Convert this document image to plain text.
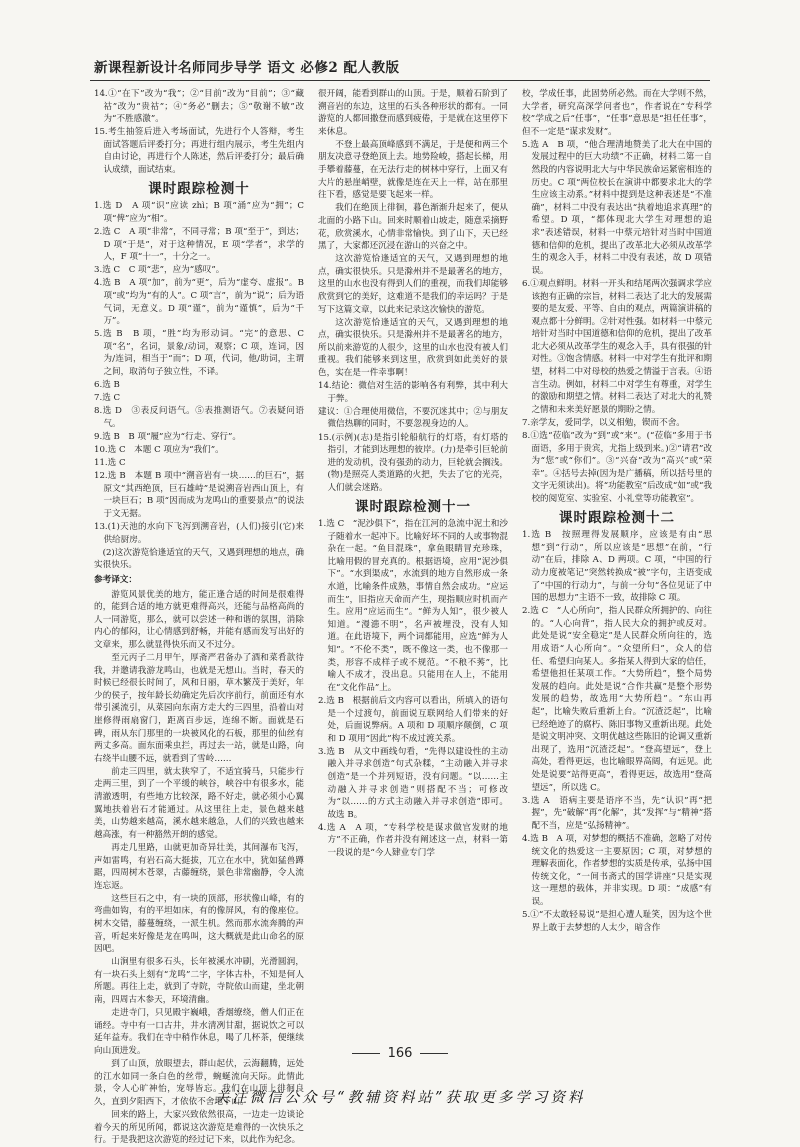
新课程新设计名师同步导学 语文 必修2 配人教版

14.①“在下”改为“我”；②“目前”改为“目前”；③“藏祜”改为“贵祜”；④“务必”删去；⑤“敬谢不敏”改为“不胜感激”。

15.考生抽签后进入考场面试，先进行个人答辩，考生面试答题后评委打分；再进行组内展示，考生先组内自由讨论，再进行个人陈述，然后评委打分；最后确认成绩，面试结束。

课时跟踪检测十

1.选 D　A 项“识”应读 zhì；B 项“涌”应为“拥”；C 项“俾”应为“相”。

2.选 C　A 项“非常”，不同寻常；B 项“至于”，到达；D 项“于是”，对于这种情况，E 项“学者”，求学的人，F 项“十一”，十分之一。

3.选 C　C 项“悲”，应为“感叹”。

4.选 B　A 项“加”，前为“更”，后为“虚夸、虚报”。B 项“或”均为“有的人”。C 项“言”，前为“说”；后为语气词，无意义。D 项“谨”，前为“谨慎”，后为“千万”。

5.选 B　B 项，“胜”均为形动词。“完”的意思、C 项“名”，名词，景象/动词，观察；C 项，连词，因为/连词，相当于“而”；D 项，代词，他/助词，主谓之间，取消句子独立性，不译。

6.选 B

7.选 C

8.选 D　③表反问语气。⑤表推测语气。⑦表疑问语气。

9.选 B　B 项“履”应为“行走、穿行”。

10.选 C　本题 C 项应为“我们”。

11.选 C

12.选 B　本题 B 项中“溯音岩有一块……的巨石”，据原文“其西绝顶，巨石雄峙”是说溯音岩西山顶上，有一块巨石；B 项“因而成为龙鸣山的重要景点”的说法于文无据。

13.(1)天池的水向下飞泻到溯音岩，(人们)接引(它)来供给厨房。

　(2)这次游览恰逢适宜的天气，又遇到理想的地点，确实很快乐。

参考译文：

游览风景优美的地方，能正逢合适的时间是很难得的，能到合适的地方就更难得高兴，还能与品格高尚的人一同游览，那么，就可以尝述一种和谐的氛围，消除内心的郁闷，让心情感到舒畅，并能有感而发写出好的文章来，那么就显得快乐而又不过分。

至元丙子二月甲午，厚斋严君备办了酒和菜肴款待我，并邀请我游龙鸣山，也就是无想山。当时，春天的时候已经很长时间了，风和日丽，草木繁茂于美好，年少的侯子，按年龄长幼确定先后次序前行，前面还有水带引溪流引，从菜园向东南方走大约三四里，沿着山对崖修得雨扇窗门，距离百步远，连绵不断。面就是石碑，雨从东门那里的一块被风化的石板，那里的仙丝有两丈多高。面东面乘虫拦，再过去一站，就是山路，向右绕半山腰不远，就看到了雪岭……

前走三四里，就太狭窄了，不适宜骑马，只能步行走两三里，到了一个平缓的峡谷，峡谷中有很多水，能清澈透明，有些地方比较深，路不好走，就必须小心翼翼地扶着岩石才能通过。从这里往上走，景色越来越美，山势越来越高，溪水越来越急，人们的兴致也越来越高涨，有一种豁然开朗的感觉。

再走几里路，山就更加奇异壮美，其间瀑布飞泻，声如雷鸣，有岩石高大挺拔，兀立在水中，犹如猛兽蹲踞，四周树木苍翠，古藤缠绕，景色非常幽静，令人流连忘返。

这些巨石之中，有一块的顶部，形状像山峰，有的弯曲如钩，有的平坦如床，有的像屏风，有的像座位。树木交错，藤蔓缠绕，一派生机。然而那水流奔腾的声音，听起来好像是龙在鸣叫，这大概就是此山命名的原因吧。

山涧里有很多石头，长年被溪水冲刷，光滑圆润，有一块石头上刻有“龙鸣”二字，字体古朴，不知是何人所题。再往上走，就到了寺院，寺院依山而建，坐北朝南，四周古木参天，环境清幽。

走进寺门，只见殿宇巍峨，香烟缭绕，僧人们正在诵经。寺中有一口古井，井水清冽甘甜，据说饮之可以延年益寿。我们在寺中稍作休息，喝了几杯茶，便继续向山顶进发。

到了山顶，放眼望去，群山起伏，云海翻腾，远处的江水如同一条白色的丝带，蜿蜒流向天际。此情此景，令人心旷神怡，宠辱皆忘。我们在山顶上徘徊良久，直到夕阳西下，才依依不舍地下山。

回来的路上，大家兴致依然很高，一边走一边谈论着今天的所见所闻，都说这次游览是难得的一次快乐之行。于是我把这次游览的经过记下来，以此作为纪念。

很开阔，能看到群山的山顶。于是，顺着石阶到了溯音岩的东边，这里的石头各种形状的都有。一同游览的人都回撒登而感到疲倦，于是就在这里停下来休息。

不登上最高顶峰感到不满足，于是便和两三个朋友决意寻登绝顶上去。地势险峻，搭起长梯，用手攀着藤蔓，在无法行走的树林中穿行，上面又有大片的悬崖峭壁，就像是连在天上一样，站在那里往下看，感觉是要飞起来一样。

我们在绝顶上徘徊，暮色渐渐升起来了，便从北面的小路下山。回来时顺着山坡走，随意采摘野花，欣赏溪水，心情非常愉快。到了山下，天已经黑了，大家都还沉浸在游山的兴奋之中。

这次游览恰逢适宜的天气，又遇到理想的地点，确实很快乐。只是滁州并不是最著名的地方，这里的山水也没有得到人们的重视，而我们却能够欣赏到它的美好，这难道不是我们的幸运吗？于是写下这篇文章，以此来记录这次愉快的游览。

这次游览恰逢适宜的天气，又遇到理想的地点，确实很快乐。只是滁州并不是最著名的地方，所以前来游览的人很少，这里的山水也没有被人们重视。我们能够来到这里，欣赏到如此美好的景色，实在是一件幸事啊！

14.结论：微信对生活的影响各有利弊，其中利大于弊。

建议：①合理使用微信，不要沉迷其中；②与朋友微信热聊的同时，不要忽视身边的人。

15.(示例)(志)是指引轮船航行的灯塔，有灯塔的指引，才能到达理想的彼岸。(力)是牵引巨轮前进的发动机，没有强劲的动力，巨轮就会搁浅。(物)是照亮人类道路的火把，失去了它的光亮，人们就会迷路。

课时跟踪检测十一

1.选 C　“泥沙俱下”，指在江河的急流中泥土和沙子随着水一起冲下。比喻好坏不同的人或事物混杂在一起。“鱼目混珠”，拿鱼眼睛冒充珍珠，比喻用假的冒充真的。根据语境，应用“泥沙俱下”。“水到渠成”，水流到的地方自然形成一条水道，比喻条件成熟，事情自然会成功。“应运而生”，旧指应天命而产生，现指顺应时机而产生。应用“应运而生”。“鲜为人知”，很少被人知道。“漫漶不明”，名声被埋没，没有人知道。在此语境下，两个词都能用，应选“鲜为人知”。“不伦不类”，既不像这一类，也不像那一类，形容不成样子或不规范。“不稂不莠”，比喻人不成才，没出息。只能用在人上，不能用在“文化作品”上。

2.选 B　根据前后文内容可以看出，所填入的语句是一个过渡句，前面说互联网给人们带来的好处，后面说弊病。A 项和 D 项顺序颠倒，C 项和 D 项用“因此”构不成过渡关系。

3.选 B　从文中画线句看，“先得以建设性的主动融入并寻求创造”句式杂糅，“主动融入并寻求创造”是一个并列短语，没有问题。“以……主动融入并寻求创造”则搭配不当；可修改为“以……的方式主动融入并寻求创造”即可。故选 B。

4.选 A　A 项，“专科学校是谋求做官发财的地方”不正确，作者并没有阐述这一点，材料一第一段说的是“今人肄业专门学

校，学成任事，此固势所必然。而在大学则不然，大学者，研究高深学问者也”，作者说在“专科学校”学成之后“任事”，“任事”意思是“担任任事”，但不一定是“谋求发财”。

5.选 A　B 项，“他合理清地赞美了北大在中国的发展过程中的巨大功绩”不正确，材料二第一自然段的内容说明北大与中华民族命运紧密相连的历史。C 项“两位校长在演讲中都要求北大的学生应该主动系。”材料中提到是这种表述是“不准确”，材料二中没有表达出“执着地追求真理”的希望。D 项，“都体现北大学生对理想的追求”表述错误，材料一中蔡元培针对当时中国道德和信仰的危机，提出了改革北大必须从改革学生的观念入手，材料二中没有表述，故 D 项错误。

6.①观点鲜明。材料一开头和结尾两次强调求学应该抱有正确的宗旨，材料二表达了北大的发展需要的是友爱、平等、自由的观点，两篇演讲稿的观点都十分鲜明。②针对性强。如材料一中蔡元培针对当时中国道德和信仰的危机，提出了改革北大必须从改革学生的观念入手，具有很强的针对性。③饱含情感。材料一中对学生有批评和期望，材料二中对母校的热爱之情溢于言表。④语言生动。例如，材料二中对学生有尊重，对学生的激励和期望之情。材料二表达了对北大的礼赞之情和未来美好愿景的期盼之情。

7.亲学友，爱同学，以义相勉，锲而不舍。

8.①选“莅临”改为“到”或“来”。(“莅临”多用于书面语，多用于贵宾，尤指上级到来。)②“请君”改为“您”或“你们”。③“兴奋”改为“高兴”或“荣幸”。④括号去掉(因为是广播稿，所以括号里的文字无须读出)。将“功能教室”后改成“如“或“我校的阅览室、实验室、小礼堂等功能教室”。

课时跟踪检测十二

1.选 B　按照理得发展顺序，应该是有由“思想”到“行动”，所以应该是“思想”在前，“行动”在后，排除 A、D 两项。C 项，“中国的行动力度被笔记”突然转换成“被”字句，主语变成了“中国的行动力”，与前一分句“各位见证了中国的思想力”主语不一致，故排除 C 项。

2.选 C　“人心所向”，指人民群众所拥护的、向往的。“人心向背”，指人民大众的拥护或反对。此处是说“安全稳定”是人民群众所向往的，选用成语“人心所向”。“众望所归”，众人的信任、希望归向某人。多指某人得到大家的信任，希望他担任某项工作。“大势所趋”，整个局势发展的趋向。此处是说“合作共赢”是整个形势发展的趋势，故选用“大势所趋”。“东山再起”，比喻失败后重新上台。“沉渣泛起”，比喻已经绝迹了的腐朽、陈旧事物又重新出现。此处是说文明冲突、文明优越这些陈旧的论调又重新出现了，选用“沉渣泛起”。“登高望远”，登上高处，看得更远，也比喻眼界高阔，有远见。此处是说要“站得更高”，看得更远，故选用“登高望远”，所以选 C。

3.选 A　语病主要是语序不当，先“认识”再“把握”，先“破解”再“化解”，其“发挥”与“精神”搭配不当，应是“弘扬精神”。

4.选 B　A 项，对梦想的概括不准确，忽略了对传统文化的热爱这一主要原因；C 项，对梦想的理解表面化，作者梦想的实质是传承，弘扬中国传统文化，“一间书斋式的国学讲座”只是实现这一理想的载体，并非实现。D 项：“成感”有误。

5.①“不太敢轻易说”是担心遭人耻笑，因为这个世界上敢于去梦想的人太少，暗含作

166
关注微信公众号“教辅资料站”获取更多学习资料
